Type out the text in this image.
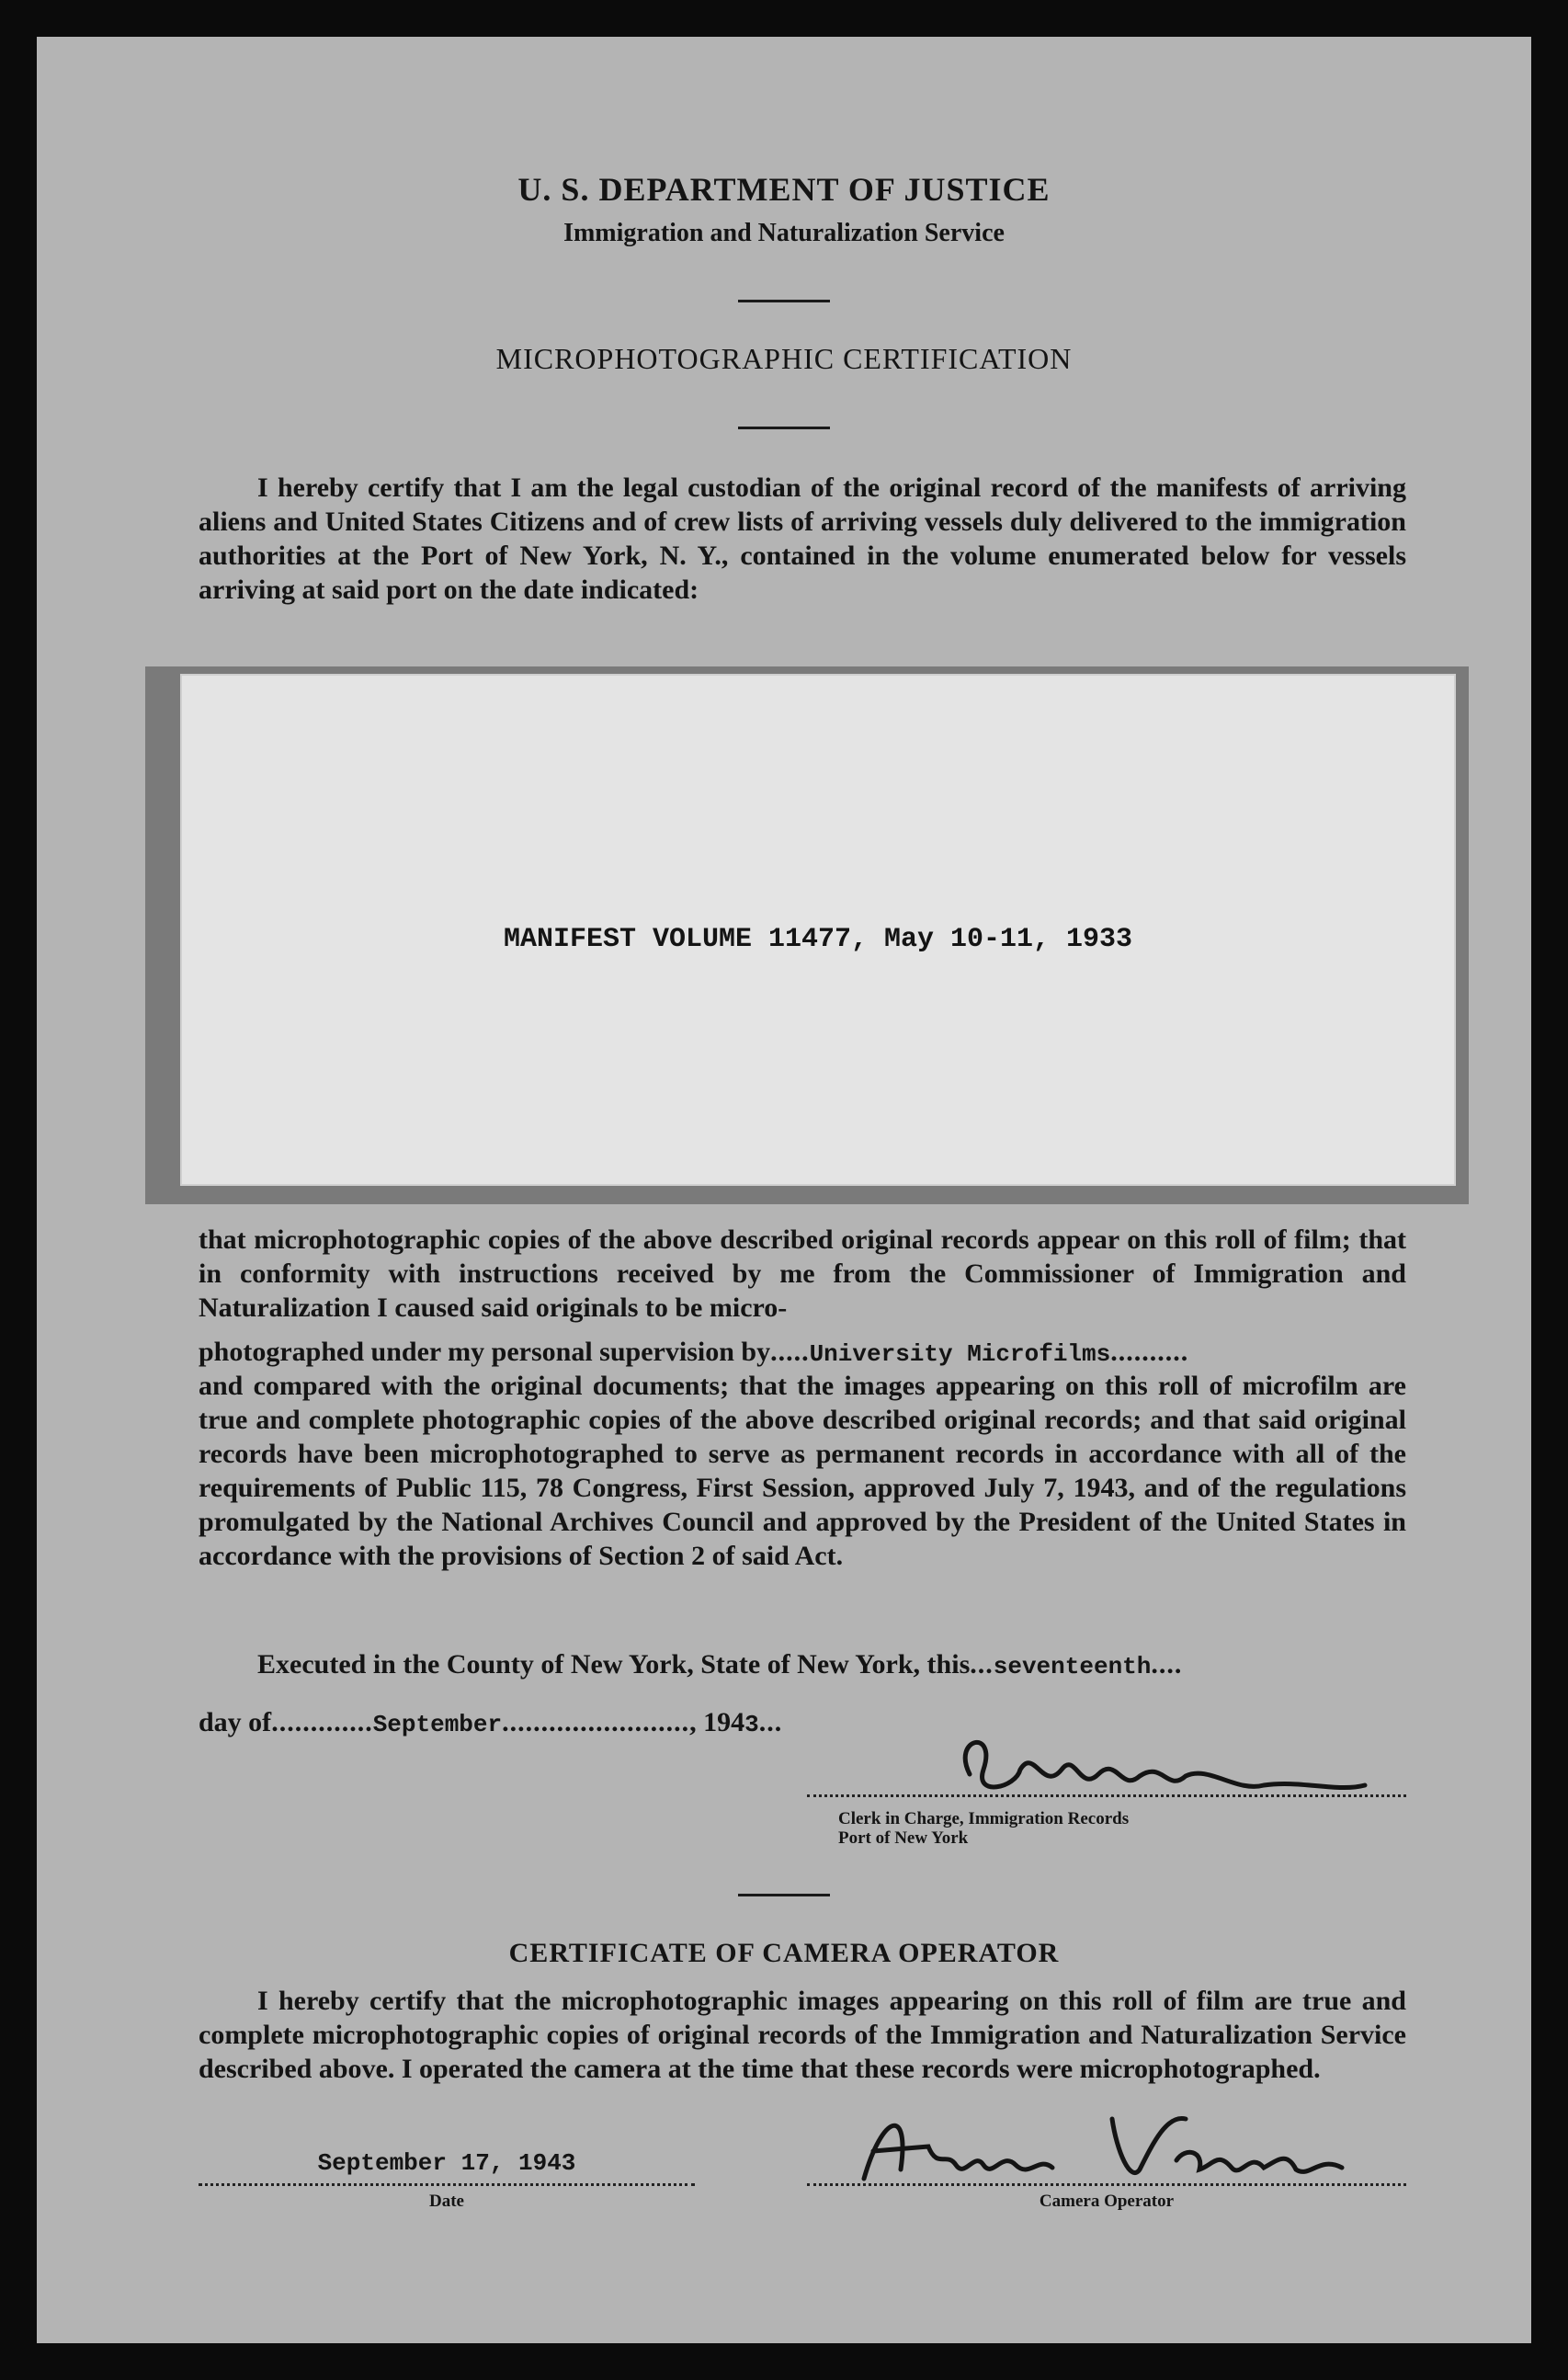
U. S. DEPARTMENT OF JUSTICE
Immigration and Naturalization Service
MICROPHOTOGRAPHIC CERTIFICATION
I hereby certify that I am the legal custodian of the original record of the manifests of arriving aliens and United States Citizens and of crew lists of arriving vessels duly delivered to the immigration authorities at the Port of New York, N. Y., contained in the volume enumerated below for vessels arriving at said port on the date indicated:
MANIFEST VOLUME 11477, May 10-11, 1933
that microphotographic copies of the above described original records appear on this roll of film; that in conformity with instructions received by me from the Commissioner of Immigration and Naturalization I caused said originals to be micro-
photographed under my personal supervision by.....University Microfilms..........
and compared with the original documents; that the images appearing on this roll of microfilm are true and complete photographic copies of the above described original records; and that said original records have been microphotographed to serve as permanent records in accordance with all of the requirements of Public 115, 78 Congress, First Session, approved July 7, 1943, and of the regulations promulgated by the National Archives Council and approved by the President of the United States in accordance with the provisions of Section 2 of said Act.
Executed in the County of New York, State of New York, this...seventeenth....
day of.............September........................, 1943...
Clerk in Charge, Immigration Records
Port of New York
CERTIFICATE OF CAMERA OPERATOR
I hereby certify that the microphotographic images appearing on this roll of film are true and complete microphotographic copies of original records of the Immigration and Naturalization Service described above. I operated the camera at the time that these records were microphotographed.
September 17, 1943
Date	Camera Operator
